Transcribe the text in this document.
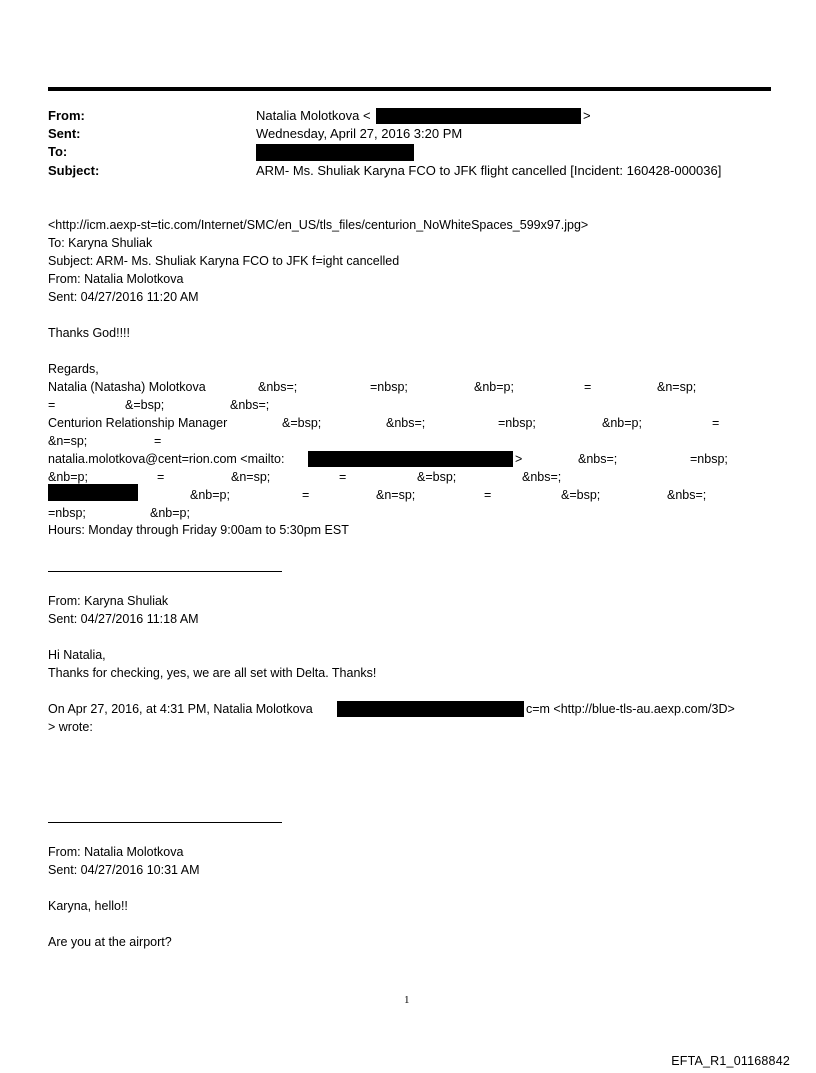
From:	Natalia Molotkova <	>
Sent:	Wednesday, April 27, 2016 3:20 PM
To:
Subject:	ARM- Ms. Shuliak Karyna FCO to JFK flight cancelled [Incident: 160428-000036]
<http://icm.aexp-st=tic.com/Internet/SMC/en_US/tls_files/centurion_NoWhiteSpaces_599x97.jpg>
To: Karyna Shuliak
Subject: ARM- Ms. Shuliak Karyna FCO to JFK f=ight cancelled
From: Natalia Molotkova
Sent: 04/27/2016 11:20 AM
Thanks God!!!!
Regards,
Natalia (Natasha) Molotkova	&nbs=;	=nbsp;	&nb=p;	=	&n=sp;
=	&=bsp;	&nbs=;
Centurion Relationship Manager	&=bsp;	&nbs=;	=nbsp;	&nb=p;	=
&n=sp;	=
natalia.molotkova@cent=rion.com <mailto:	>	&nbs=;	=nbsp;
&nb=p;	=	&n=sp;	=	&=bsp;	&nbs=;
&nb=p;	=	&n=sp;	=	&=bsp;	&nbs=;
=nbsp;	&nb=p;
Hours: Monday through Friday 9:00am to 5:30pm EST
From: Karyna Shuliak
Sent: 04/27/2016 11:18 AM
Hi Natalia,
Thanks for checking, yes, we are all set with Delta. Thanks!
On Apr 27, 2016, at 4:31 PM, Natalia Molotkova	c=m <http://blue-tls-au.aexp.com/3D>
> wrote:
From: Natalia Molotkova
Sent: 04/27/2016 10:31 AM
Karyna, hello!!
Are you at the airport?
1
EFTA_R1_01168842
